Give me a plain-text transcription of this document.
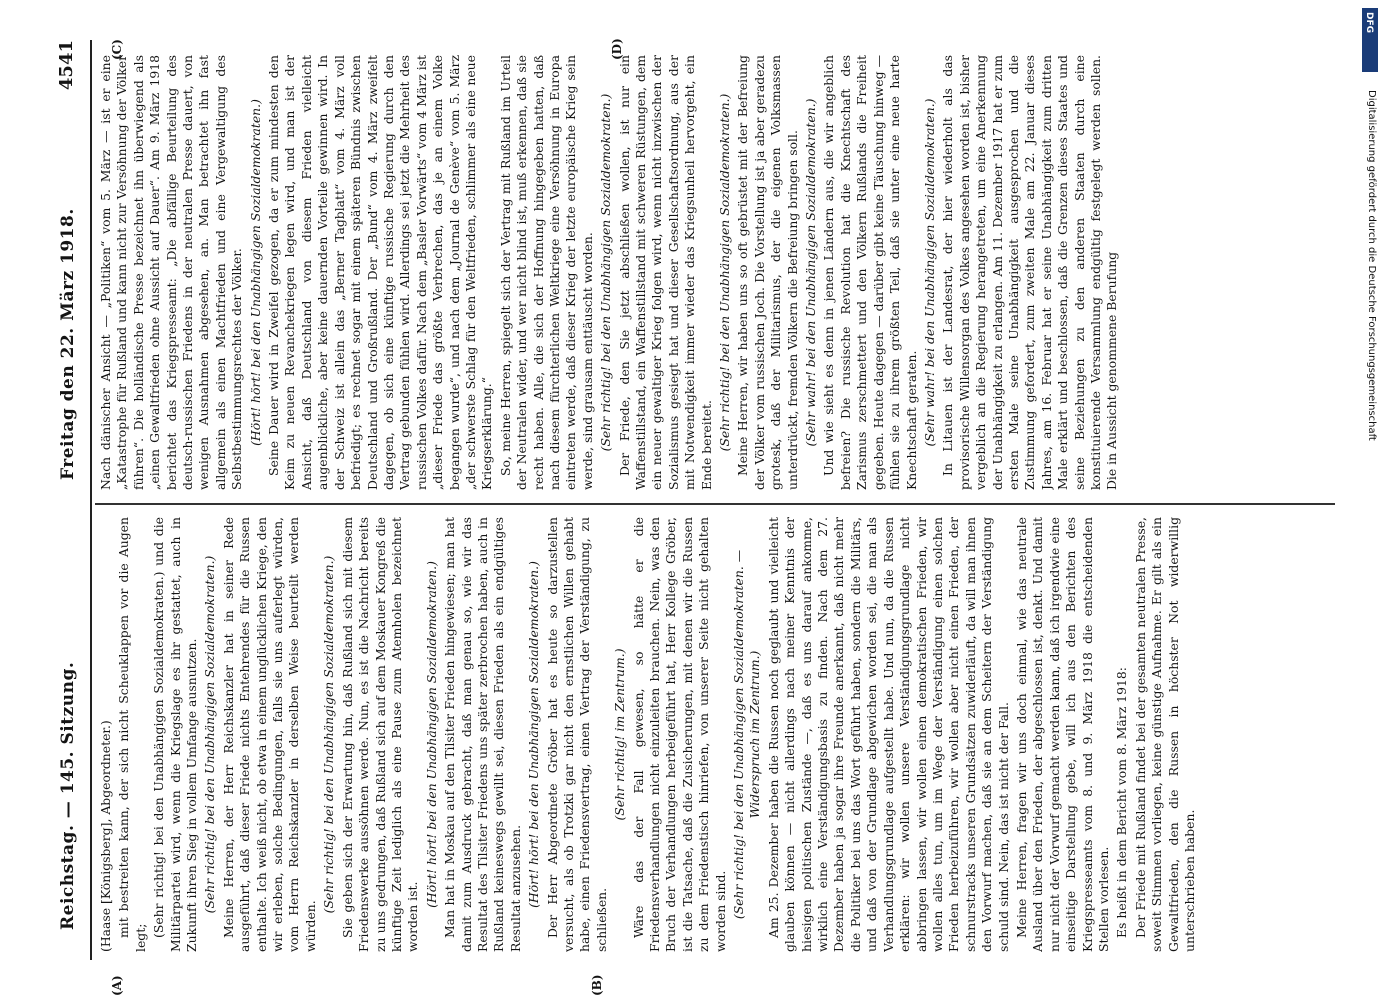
Reichstag. — 145. Sitzung.
Freitag den 22. März 1918.
4541
(A)	(B)
(C)	(D)

(Haase [Königsberg], Abgeordneter.) mit bestreiten kann, der sich nicht Scheuklappen vor die Augen legt; (Sehr richtig! bei den Unabhängigen Sozialdemokraten.) und die Militärpartei wird, wenn die Kriegslage es ihr gestattet, auch in Zukunft ihren Sieg in vollem Umfange ausnutzen. (Sehr richtig! bei den Unabhängigen Sozialdemokraten.) Meine Herren, der Herr Reichskanzler hat in seiner Rede ausgeführt, daß dieser Friede nichts Entehrendes für die Russen enthalte. Ich weiß nicht, ob etwa in einem unglücklichen Kriege, den wir erleben, solche Bedingungen, falls sie uns auferlegt würden, vom Herrn Reichskanzler in derselben Weise beurteilt werden würden.

(Sehr richtig! bei den Unabhängigen Sozialdemokraten.) Sie geben sich der Erwartung hin, daß Rußland sich mit diesem Friedenswerke aussöhnen werde. Nun, es ist die Nachricht bereits zu uns gedrungen, daß Rußland sich auf dem Moskauer Kongreß die künftige Zeit lediglich als eine Pause zum Atemholen bezeichnet worden ist.

(Hört! hört! bei den Unabhängigen Sozialdemokraten.) Man hat in Moskau auf den Tilsiter Frieden hingewiesen; man hat damit zum Ausdruck gebracht, daß man genau so, wie wir das Resultat des Tilsiter Friedens uns später zerbrochen haben, auch in Rußland keineswegs gewillt sei, diesen Frieden als ein endgültiges Resultat anzusehen. (Hört! hört! bei den Unabhängigen Sozialdemokraten.) Der Herr Abgeordnete Gröber hat es heute so darzustellen versucht, als ob Trotzki gar nicht den ernstlichen Willen gehabt habe, einen Friedensvertrag, einen Vertrag der Verständigung, zu schließen.

(Sehr richtig! im Zentrum.) Wäre das der Fall gewesen, so hätte er die Friedensverhandlungen nicht einzuleiten brauchen. Nein, was den Bruch der Verhandlungen herbeigeführt hat, Herr Kollege Gröber, ist die Tatsache, daß die Zusicherungen, mit denen wir die Russen zu dem Friedenstisch hinriefen, von unserer Seite nicht gehalten worden sind. (Sehr richtig! bei den Unabhängigen Sozialdemokraten. — Widerspruch im Zentrum.) Am 25. Dezember haben die Russen noch geglaubt und vielleicht glauben können — nicht allerdings nach meiner Kenntnis der hiesigen politischen Zustände —, daß es uns darauf ankomme, wirklich eine Verständigungsbasis zu finden. Nach dem 27. Dezember haben ja sogar ihre Freunde anerkannt, daß nicht mehr die Politiker bei uns das Wort geführt haben, sondern die Militärs, und daß von der Grundlage abgewichen worden sei, die man als Verhandlungsgrundlage aufgestellt habe. Und nun, da die Russen erklären: wir wollen unsere Verständigungsgrundlage nicht abbringen lassen, wir wollen einen demokratischen Frieden, wir wollen alles tun, um im Wege der Verständigung einen solchen Frieden herbeizuführen, wir wollen aber nicht einen Frieden, der schnurstracks unseren Grundsätzen zuwiderläuft, da will man ihnen den Vorwurf machen, daß sie an dem Scheitern der Verständigung schuld sind. Nein, das ist nicht der Fall. Meine Herren, fragen wir uns doch einmal, wie das neutrale Ausland über den Frieden, der abgeschlossen ist, denkt. Und damit nur nicht der Vorwurf gemacht werden kann, daß ich irgendwie eine einseitige Darstellung gebe, will ich aus den Berichten des Kriegspresseamts vom 8. und 9. März 1918 die entscheidenden Stellen vorlesen. Es heißt in dem Bericht vom 8. März 1918: Der Friede mit Rußland findet bei der gesamten neutralen Presse, soweit Stimmen vorliegen, keine günstige Aufnahme. Er gilt als ein Gewaltfrieden, den die Russen in höchster Not widerwillig unterschrieben haben.

Nach dänischer Ansicht — „Politiken“ vom 5. März — ist er eine „Katastrophe für Rußland und kann nicht zur Versöhnung der Völker führen“. Die holländische Presse bezeichnet ihn überwiegend als „einen Gewaltfrieden ohne Aussicht auf Dauer“. Am 9. März 1918 berichtet das Kriegspresseamt: „Die abfällige Beurteilung des deutsch-russischen Friedens in der neutralen Presse dauert, von wenigen Ausnahmen abgesehen, an. Man betrachtet ihn fast allgemein als einen Machtfrieden und eine Vergewaltigung des Selbstbestimmungsrechtes der Völker. (Hört! hört! bei den Unabhängigen Sozialdemokraten.) Seine Dauer wird in Zweifel gezogen, da er zum mindesten den Keim zu neuen Revanchekriegen legen wird, und man ist der Ansicht, daß Deutschland von diesem Frieden vielleicht augenblickliche, aber keine dauernden Vorteile gewinnen wird. In der Schweiz ist allein das „Berner Tagblatt“ vom 4. März voll befriedigt; es rechnet sogar mit einem späteren Bündnis zwischen Deutschland und Großrußland. Der „Bund“ vom 4. März zweifelt dagegen, ob sich eine künftige russische Regierung durch den Vertrag gebunden fühlen wird. Allerdings sei jetzt die Mehrheit des russischen Volkes dafür. Nach dem „Basler Vorwärts“ vom 4 März ist „dieser Friede das größte Verbrechen, das je an einem Volke begangen wurde“, und nach dem „Journal de Genève“ vom 5. März „der schwerste Schlag für den Weltfrieden, schlimmer als eine neue Kriegserklärung.“ So, meine Herren, spiegelt sich der Vertrag mit Rußland im Urteil der Neutralen wider, und wer nicht blind ist, muß erkennen, daß sie recht haben. Alle, die sich der Hoffnung hingegeben hatten, daß nach diesem fürchterlichen Weltkriege eine Versöhnung in Europa eintreten werde, daß dieser Krieg der letzte europäische Krieg sein werde, sind grausam enttäuscht worden. (Sehr richtig! bei den Unabhängigen Sozialdemokraten.) Der Friede, den Sie jetzt abschließen wollen, ist nur ein Waffenstillstand, ein Waffenstillstand mit schweren Rüstungen, dem ein neuer gewaltiger Krieg folgen wird, wenn nicht inzwischen der Sozialismus gesiegt hat und dieser Gesellschaftsordnung, aus der mit Notwendigkeit immer wieder das Kriegsunheil hervorgeht, ein Ende bereitet. (Sehr richtig! bei den Unabhängigen Sozialdemokraten.) Meine Herren, wir haben uns so oft gebrüstet mit der Befreiung der Völker vom russischen Joch. Die Vorstellung ist ja aber geradezu grotesk, daß der Militarismus, der die eigenen Volksmassen unterdrückt, fremden Völkern die Befreiung bringen soll. (Sehr wahr! bei den Unabhängigen Sozialdemokraten.) Und wie sieht es denn in jenen Ländern aus, die wir angeblich befreien? Die russische Revolution hat die Knechtschaft des Zarismus zerschmettert und den Völkern Rußlands die Freiheit gegeben. Heute dagegen — darüber gibt keine Täuschung hinweg — fühlen sie zu ihrem größten Teil, daß sie unter eine neue harte Knechtschaft geraten. (Sehr wahr! bei den Unabhängigen Sozialdemokraten.) In Litauen ist der Landesrat, der hier wiederholt als das provisorische Willensorgan des Volkes angesehen worden ist, bisher vergeblich an die Regierung herangetreten, um eine Anerkennung der Unabhängigkeit zu erlangen. Am 11. Dezember 1917 hat er zum ersten Male seine Unabhängigkeit ausgesprochen und die Zustimmung gefordert, zum zweiten Male am 22. Januar dieses Jahres, am 16. Februar hat er seine Unabhängigkeit zum dritten Male erklärt und beschlossen, daß die Grenzen dieses Staates und seine Beziehungen zu den anderen Staaten durch eine konstituierende Versammlung endgültig festgelegt werden sollen. Die in Aussicht genommene Berufung

DFG
Digitalisierung gefördert durch die Deutsche Forschungsgemeinschaft
